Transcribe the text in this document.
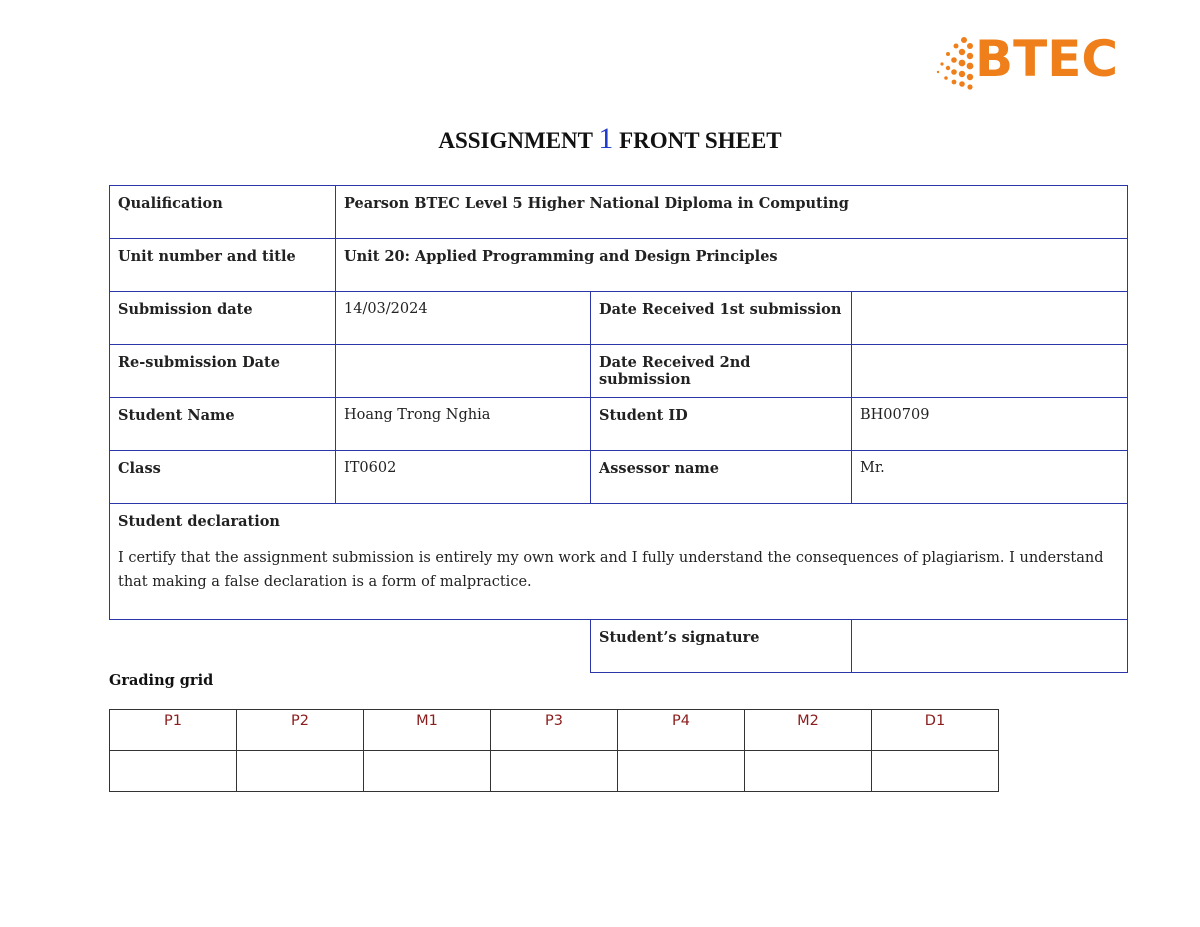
BTEC
ASSIGNMENT 1 FRONT SHEET
Qualification	Pearson BTEC Level 5 Higher National Diploma in Computing		
Unit number and title	Unit 20: Applied Programming and Design Principles		
Submission date	14/03/2024	Date Received 1st submission	
Re-submission Date		Date Received 2nd submission	
Student Name	Hoang Trong Nghia	Student ID	BH00709
Class	IT0602	Assessor name	Mr.

Student declaration
I certify that the assignment submission is entirely my own work and I fully understand the consequences of plagiarism. I understand that making a false declaration is a form of malpractice.			

		Student’s signature	
Grading grid
P1	P2	M1	P3	P4	M2	D1
